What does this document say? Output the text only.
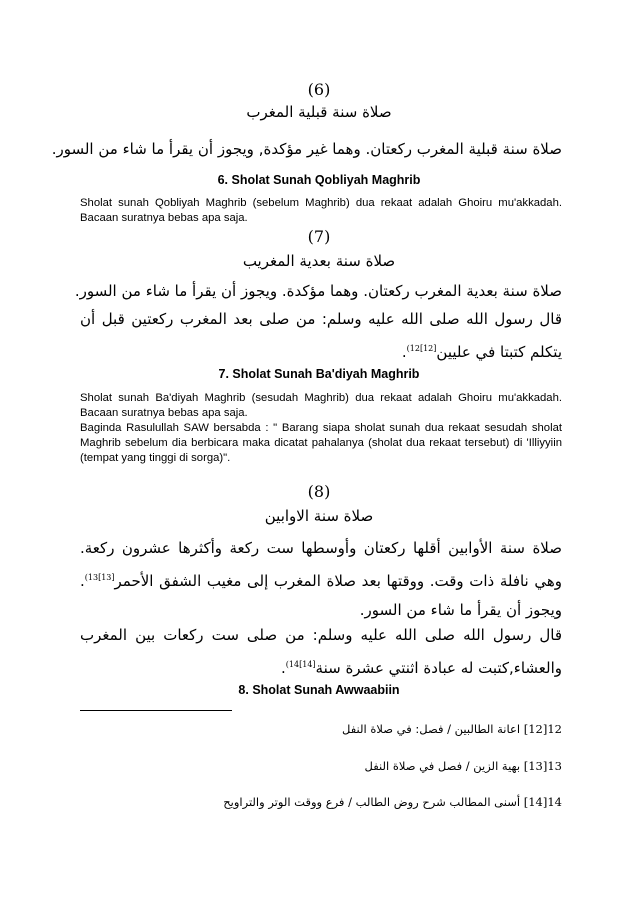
(6)
صلاة سنة قبلية المغرب
صلاة سنة قبلية المغرب ركعتان. وهما غير مؤكدة, ويجوز أن يقرأ ما شاء من السور.
6. Sholat Sunah Qobliyah Maghrib

Sholat sunah Qobliyah Maghrib (sebelum Maghrib) dua rekaat adalah Ghoiru mu'akkadah. Bacaan suratnya bebas apa saja.

(7)
صلاة سنة بعدية المغريب
صلاة سنة بعدية المغرب ركعتان. وهما مؤكدة. ويجوز أن يقرأ ما شاء من السور.
قال رسول الله صلى الله عليه وسلم: من صلى بعد المغرب ركعتين قبل أن يتكلم كتبتا في عليين$^{[12]12)}$.
7. Sholat Sunah Ba'diyah Maghrib

Sholat sunah Ba'diyah Maghrib (sesudah Maghrib) dua rekaat adalah Ghoiru mu'akkadah. Bacaan suratnya bebas apa saja.

Baginda Rasulullah SAW bersabda : " Barang siapa sholat sunah dua rekaat sesudah sholat Maghrib sebelum dia berbicara maka dicatat pahalanya (sholat dua rekaat tersebut) di 'Illiyyiin (tempat yang tinggi di sorga)".

(8)
صلاة سنة الاوابين
صلاة سنة الأوابين أقلها ركعتان وأوسطها ست ركعة وأكثرها عشرون ركعة. وهي نافلة ذات وقت. ووقتها بعد صلاة المغرب إلى مغيب الشفق الأحمر$^{[13]13)}$. ويجوز أن يقرأ ما شاء من السور.
قال رسول الله صلى الله عليه وسلم: من صلى ست ركعات بين المغرب والعشاء,كتبت له عبادة اثنتي عشرة سنة$^{[14]14)}$.
8. Sholat Sunah Awwaabiin
12[12] اعانة الطالبين / فصل: في صلاة النفل
13[13] بهية الزين / فصل في صلاة النفل
14[14] أسنى المطالب شرح روض الطالب / فرع ووقت الوتر والتراويح
